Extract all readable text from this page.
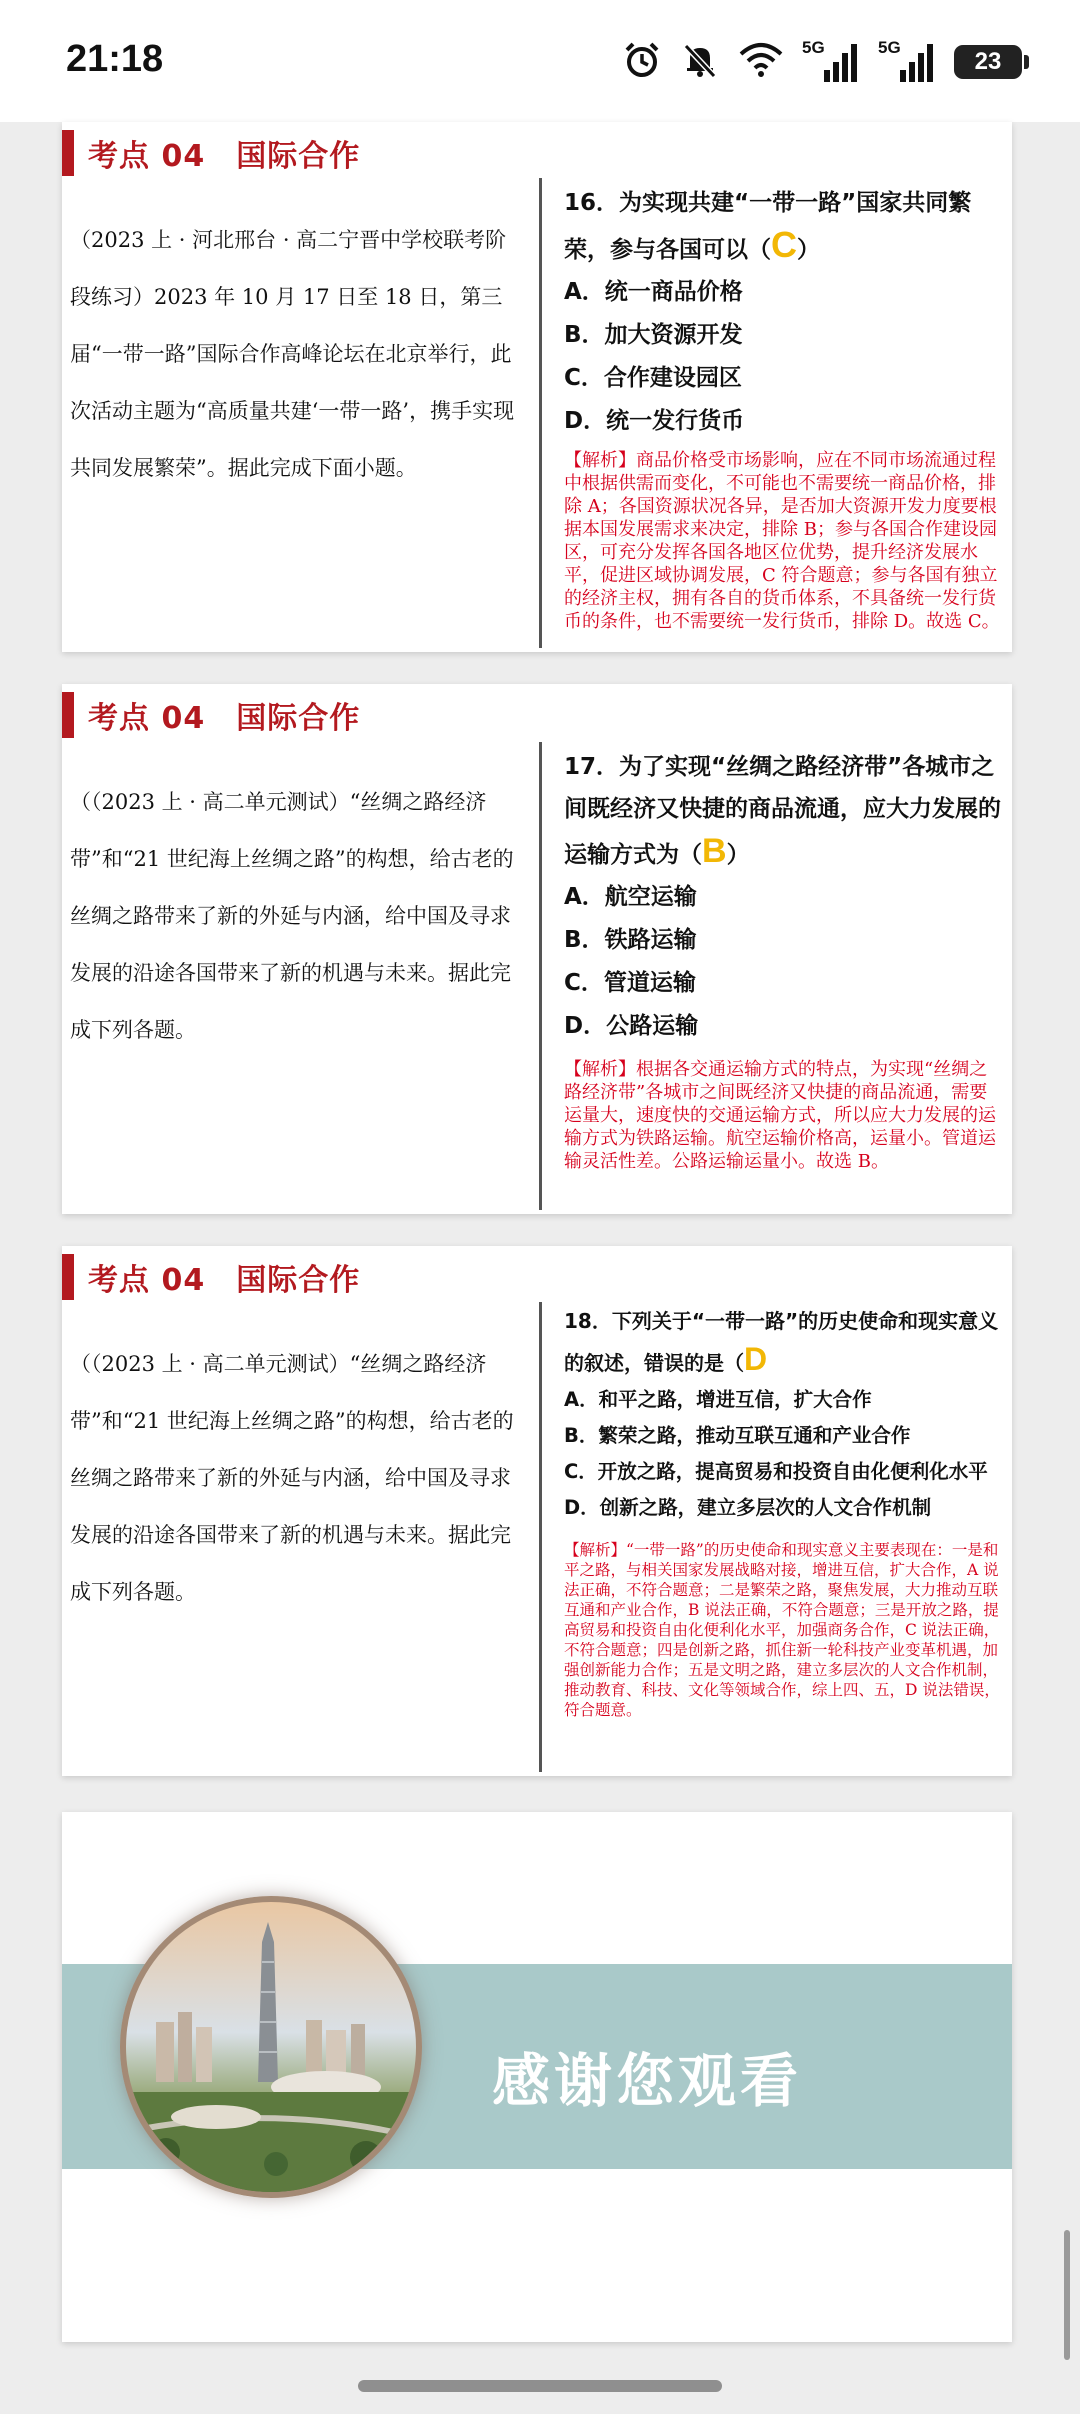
21:18	5G	5G
23
考点 04　国际合作
（2023 上 · 河北邢台 · 高二宁晋中学校联考阶段练习）2023 年 10 月 17 日至 18 日，第三届“一带一路”国际合作高峰论坛在北京举行，此次活动主题为“高质量共建‘一带一路’，携手实现共同发展繁荣”。据此完成下面小题。

16．为实现共建“一带一路”国家共同繁荣，参与各国可以（C）

A．统一商品价格
B．加大资源开发
C．合作建设园区
D．统一发行货币
【解析】商品价格受市场影响，应在不同市场流通过程中根据供需而变化，不可能也不需要统一商品价格，排除 A；各国资源状况各异，是否加大资源开发力度要根据本国发展需求来决定，排除 B；参与各国合作建设园区，可充分发挥各国各地区位优势，提升经济发展水平，促进区域协调发展，C 符合题意；参与各国有独立的经济主权，拥有各自的货币体系，不具备统一发行货币的条件，也不需要统一发行货币，排除 D。故选 C。
考点 04　国际合作
（（2023 上 · 高二单元测试）“丝绸之路经济带”和“21 世纪海上丝绸之路”的构想，给古老的丝绸之路带来了新的外延与内涵，给中国及寻求发展的沿途各国带来了新的机遇与未来。据此完成下列各题。

17．为了实现“丝绸之路经济带”各城市之间既经济又快捷的商品流通，应大力发展的运输方式为（B）

A．航空运输
B．铁路运输
C．管道运输
D．公路运输
【解析】根据各交通运输方式的特点，为实现“丝绸之路经济带”各城市之间既经济又快捷的商品流通，需要运量大，速度快的交通运输方式，所以应大力发展的运输方式为铁路运输。航空运输价格高，运量小。管道运输灵活性差。公路运输运量小。故选 B。
考点 04　国际合作
（（2023 上 · 高二单元测试）“丝绸之路经济带”和“21 世纪海上丝绸之路”的构想，给古老的丝绸之路带来了新的外延与内涵，给中国及寻求发展的沿途各国带来了新的机遇与未来。据此完成下列各题。

18．下列关于“一带一路”的历史使命和现实意义的叙述，错误的是（D

A．和平之路，增进互信，扩大合作
B．繁荣之路，推动互联互通和产业合作
C．开放之路，提高贸易和投资自由化便利化水平
D．创新之路，建立多层次的人文合作机制
【解析】“一带一路”的历史使命和现实意义主要表现在：一是和平之路，与相关国家发展战略对接，增进互信，扩大合作，A 说法正确，不符合题意；二是繁荣之路，聚焦发展，大力推动互联互通和产业合作，B 说法正确，不符合题意；三是开放之路，提高贸易和投资自由化便利化水平，加强商务合作，C 说法正确，不符合题意；四是创新之路，抓住新一轮科技产业变革机遇，加强创新能力合作；五是文明之路，建立多层次的人文合作机制，推动教育、科技、文化等领域合作，综上四、五，D 说法错误，符合题意。
感谢您观看
